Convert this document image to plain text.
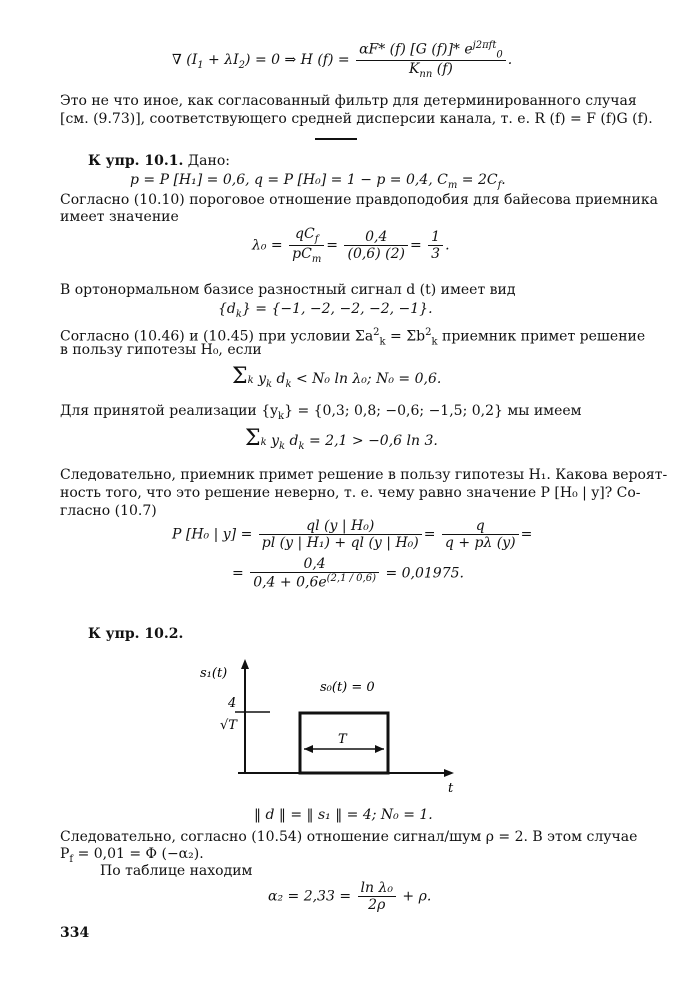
∇ $(I_1 + \lambda I_2) = 0$ ⇒ H $(f) = \frac{\alpha F* (f) [G (f)]* e^{j2\pi ft}_0}{K_{nn} (f)}$ .
Это не что иное, как согласованный фильтр для детерминированного случая
[см. (9.73)], соответствующего средней дисперсии канала, т. е. R (f) = F (f)G (f).
К упр. 10.1. Дано:
p = P [H₁] = 0,6, q = P [H₀] = 1 − p = 0,4, $C_m = 2C_f$.
Согласно (10.10) пороговое отношение правдоподобия для байесова приемника
имеет значение
$\lambda_0 = \frac{qC_f}{pC_m} = \frac{0,4}{(0,6) (2)} = \frac{1}{3}$ .
В ортонормальном базисе разностный сигнал d (t) имеет вид
$\{d_k\} = \{-1$, −2, −2, −2, −1}.
Согласно (10.46) и (10.45) при условии $\Sigma a^2_k = \Sigma b^2_k$ приемник примет решение
в пользу гипотезы H₀, если
Σk $y_k$ $d_k < N_0$ ln λ₀; N₀ = 0,6.
Для принятой реализации $\{y_k\} = \{0,3$; 0,8; −0,6; −1,5; 0,2} мы имеем
Σk $y_k$ $d_k = 2,1 > -0,6$ ln 3.
Следовательно, приемник примет решение в пользу гипотезы H₁. Какова вероят-
ность того, что это решение неверно, т. е. чему равно значение P [H₀ | y]? Со-
гласно (10.7)
P [H₀ | $y] = \frac{\text{ql (y | H₀)}}{\text{pl (y | H₁) + ql (y | H₀)}} = \frac{q}{q + p\lambda (y)}$ =
= $\frac{0,4}{0,4 + 0,6e^{(2,1 / 0,6)}} = 0,01975$.
К упр. 10.2.
s₁(t)
s₀(t) = 0
4
√T
T
t
‖ d ‖ = ‖ s₁ ‖ = 4; N₀ = 1.
Следовательно, согласно (10.54) отношение сигнал/шум ρ = 2. В этом случае
$P_f = 0,01 = \Phi$ (−α₂).
По таблице находим
$\alpha_2 = 2,33 = \frac{\text{ln λ₀}}{2\rho} + \rho$.
334
